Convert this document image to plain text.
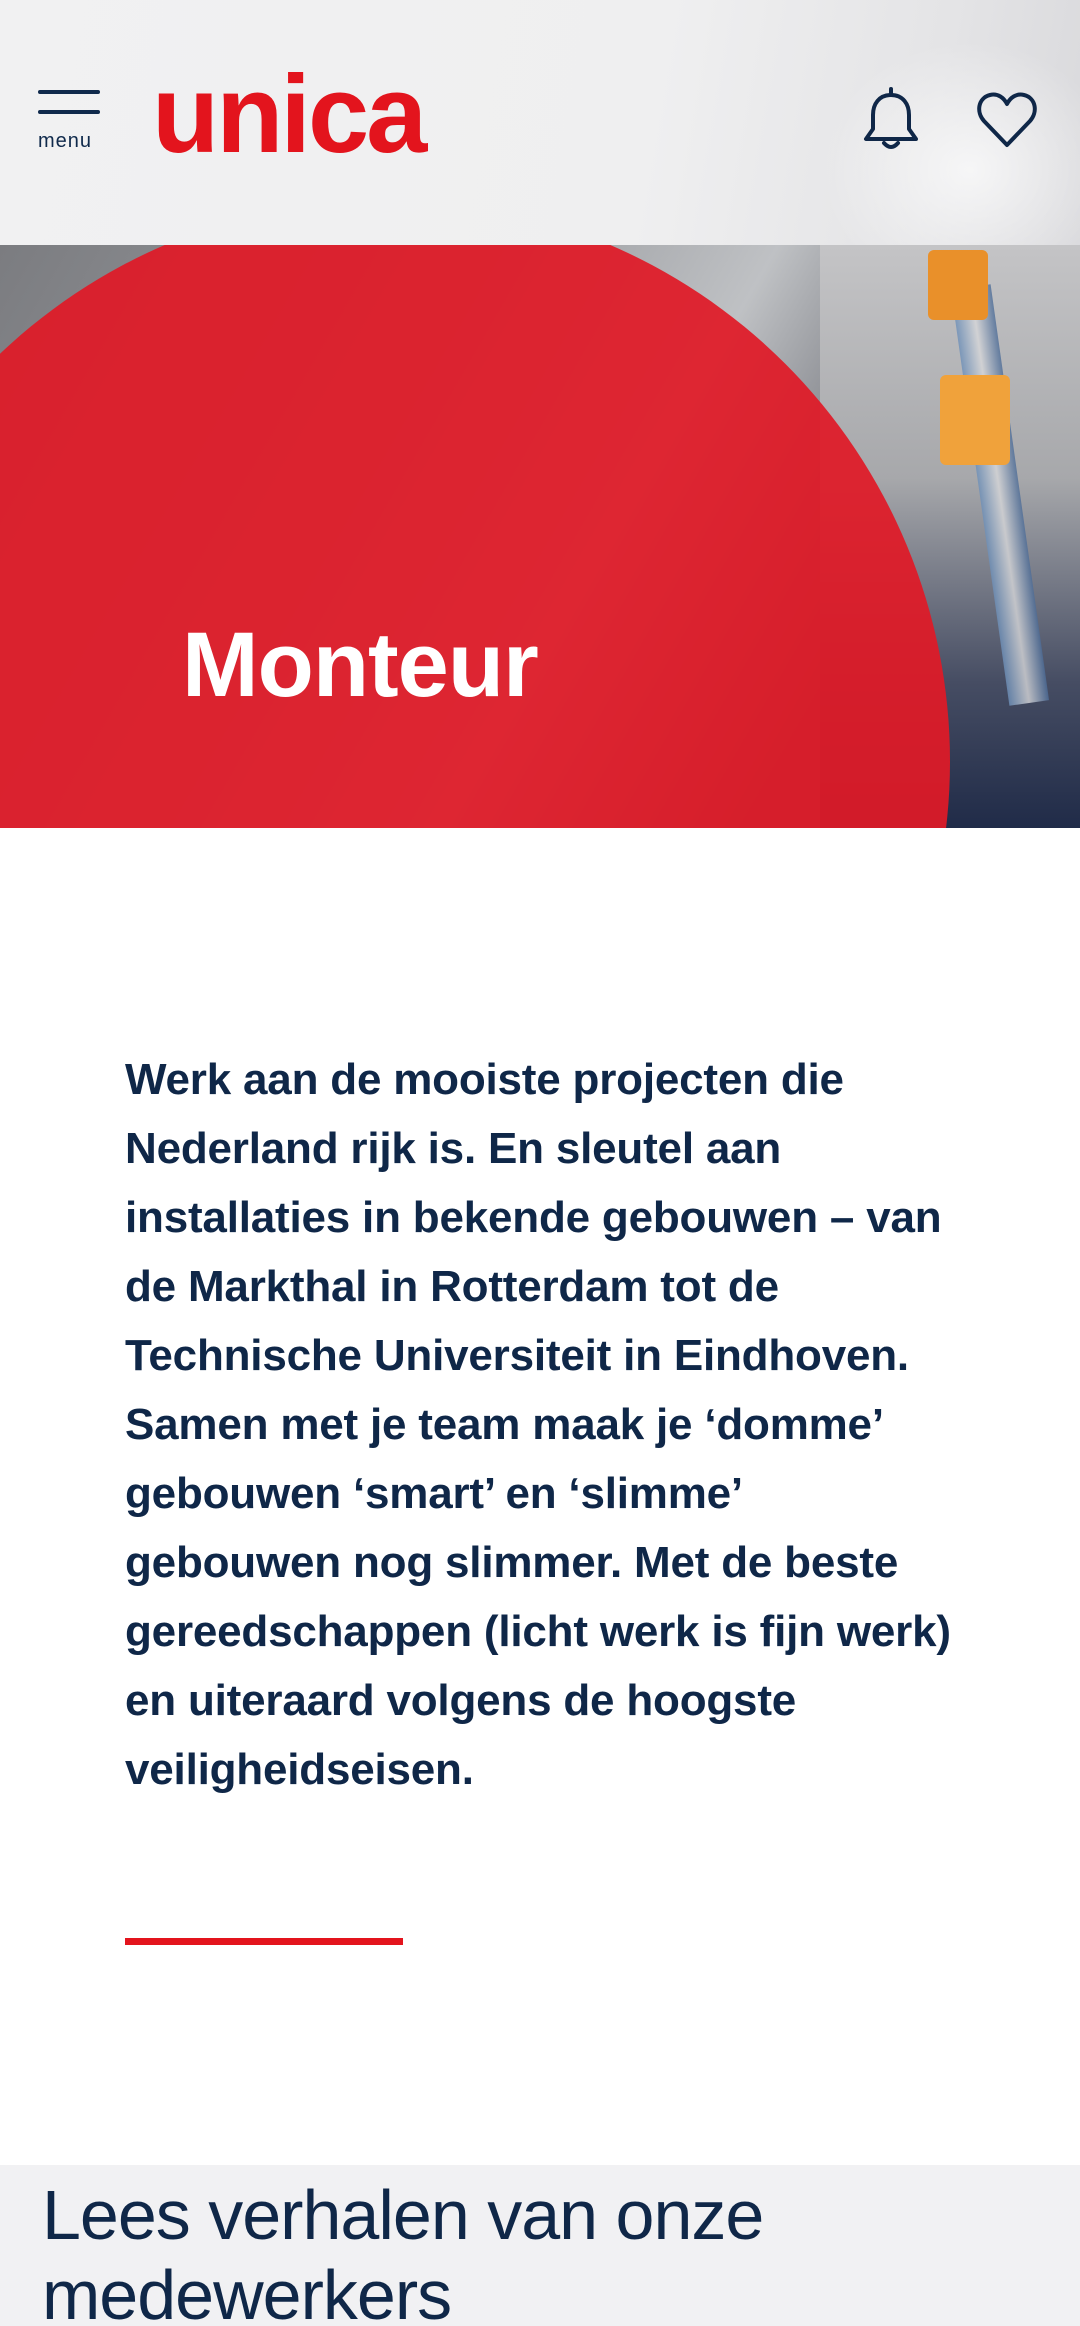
menu unica
Monteur

Werk aan de mooiste projecten die Nederland rijk is. En sleutel aan installaties in bekende gebouwen – van de Markthal in Rotterdam tot de Technische Universiteit in Eindhoven. Samen met je team maak je ‘domme’ gebouwen ‘smart’ en ‘slimme’ gebouwen nog slimmer. Met de beste gereedschappen (licht werk is fijn werk) en uiteraard volgens de hoogste veiligheidseisen.

Lees verhalen van onze medewerkers
